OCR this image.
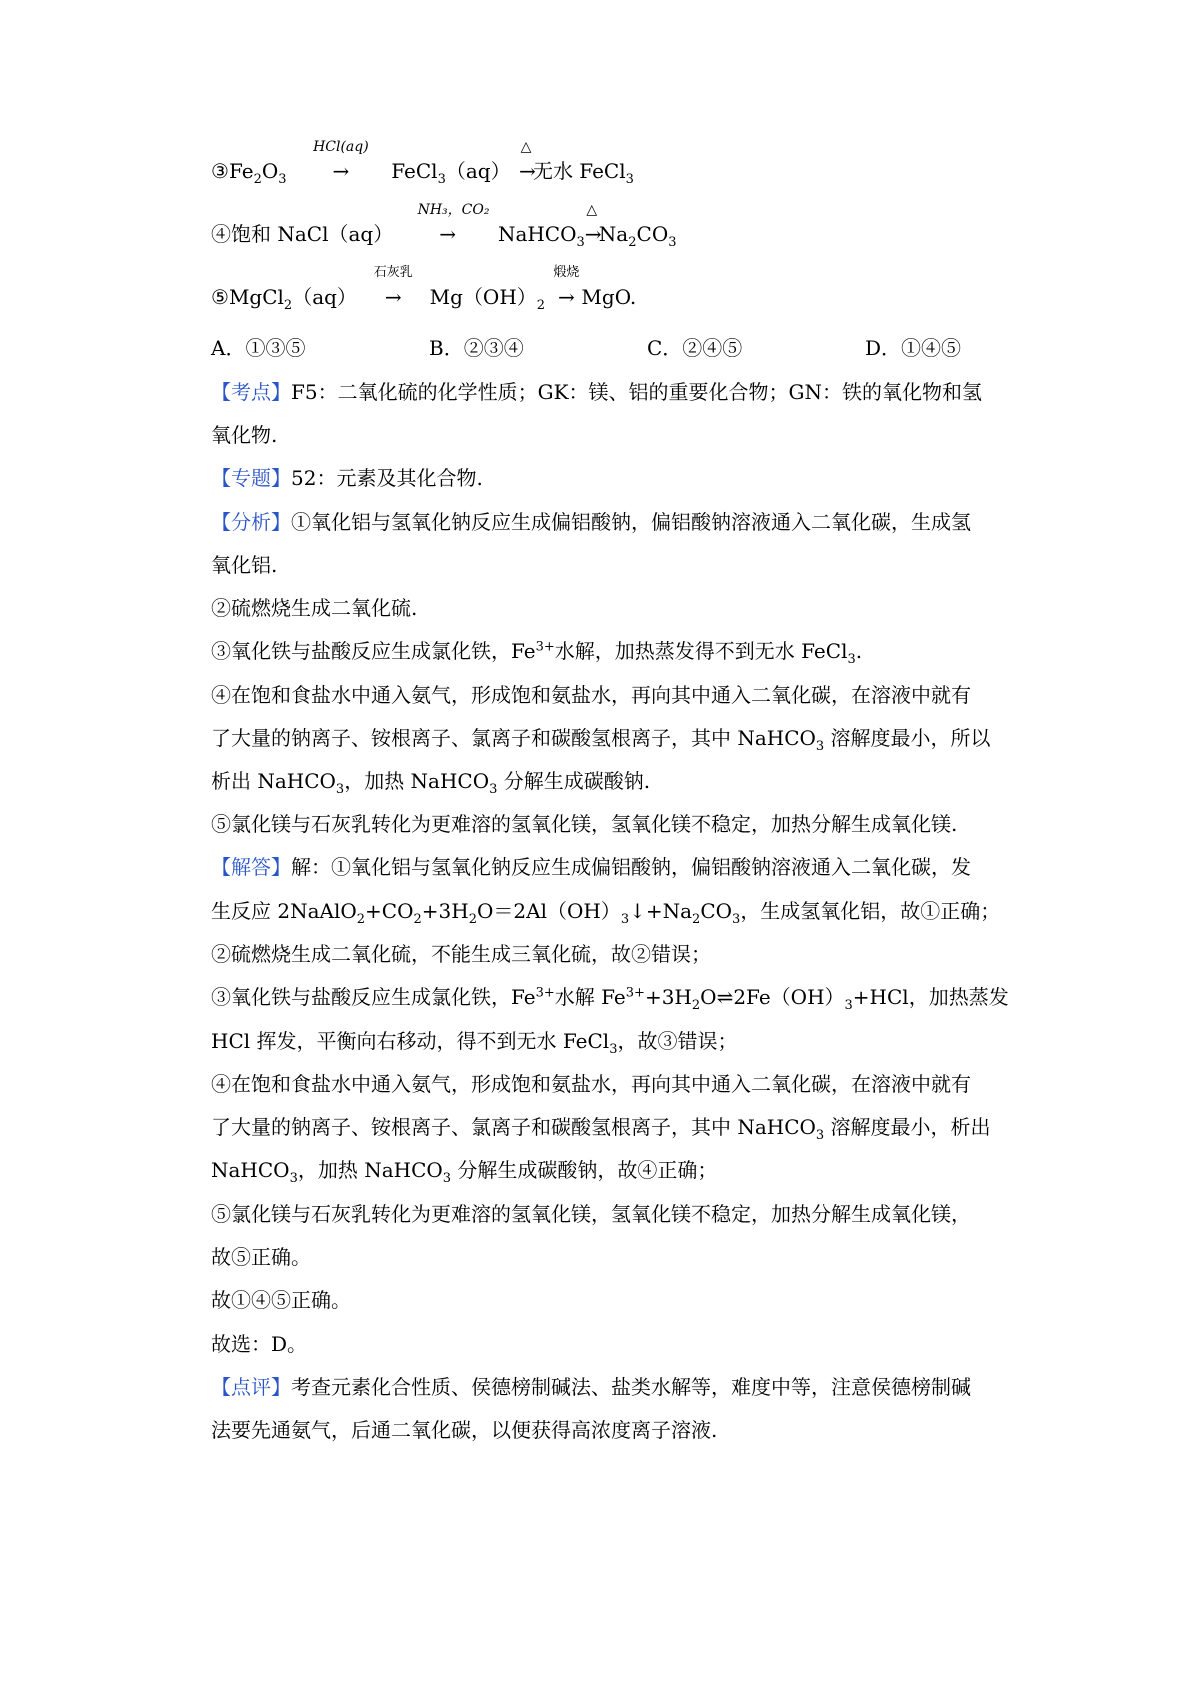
$③Fe_2O_3$
HCl(aq)
→ FeCl$_3$（aq）
△
→无水 FeCl$_3$
④饱和 NaCl（aq）
NH₃，CO₂
→ NaHCO$_3$
△
$\to Na_2CO_3$
⑤MgCl$_2$（aq）
石灰乳
→ $Mg(OH)_2$
煅烧
→ MgO.
A．①③⑤	B．②③④	C．②④⑤	D．①④⑤
【考点】F5：二氧化硫的化学性质；GK：镁、铝的重要化合物；GN：铁的氧化物和氢
氧化物.
【专题】52：元素及其化合物.
【分析】①氧化铝与氢氧化钠反应生成偏铝酸钠，偏铝酸钠溶液通入二氧化碳，生成氢
氧化铝.
②硫燃烧生成二氧化硫.
③氧化铁与盐酸反应生成氯化铁，$Fe^{3+}$水解，加热蒸发得不到无水 FeCl$_3$.
④在饱和食盐水中通入氨气，形成饱和氨盐水，再向其中通入二氧化碳，在溶液中就有
了大量的钠离子、铵根离子、氯离子和碳酸氢根离子，其中 NaHCO$_3$ 溶解度最小，所以
析出 NaHCO$_3$，加热 NaHCO$_3$ 分解生成碳酸钠.
⑤氯化镁与石灰乳转化为更难溶的氢氧化镁，氢氧化镁不稳定，加热分解生成氧化镁.
【解答】解：①氧化铝与氢氧化钠反应生成偏铝酸钠，偏铝酸钠溶液通入二氧化碳，发
生反应 $2NaAlO_2+CO_2+3H_2O=2Al(OH)_3↓+Na_2CO_3$，生成氢氧化铝，故①正确；
②硫燃烧生成二氧化硫，不能生成三氧化硫，故②错误；
③氧化铁与盐酸反应生成氯化铁，$Fe^{3+}$水解 $Fe^{3+}+3H_2O\rightleftharpoons 2Fe(OH)_3+HCl$，加热蒸发
HCl 挥发，平衡向右移动，得不到无水 FeCl$_3$，故③错误；
④在饱和食盐水中通入氨气，形成饱和氨盐水，再向其中通入二氧化碳，在溶液中就有
了大量的钠离子、铵根离子、氯离子和碳酸氢根离子，其中 NaHCO$_3$ 溶解度最小，析出
NaHCO$_3$，加热 NaHCO$_3$ 分解生成碳酸钠，故④正确；
⑤氯化镁与石灰乳转化为更难溶的氢氧化镁，氢氧化镁不稳定，加热分解生成氧化镁，
故⑤正确。
故①④⑤正确。
故选：D。
【点评】考查元素化合性质、侯德榜制碱法、盐类水解等，难度中等，注意侯德榜制碱
法要先通氨气，后通二氧化碳，以便获得高浓度离子溶液.
